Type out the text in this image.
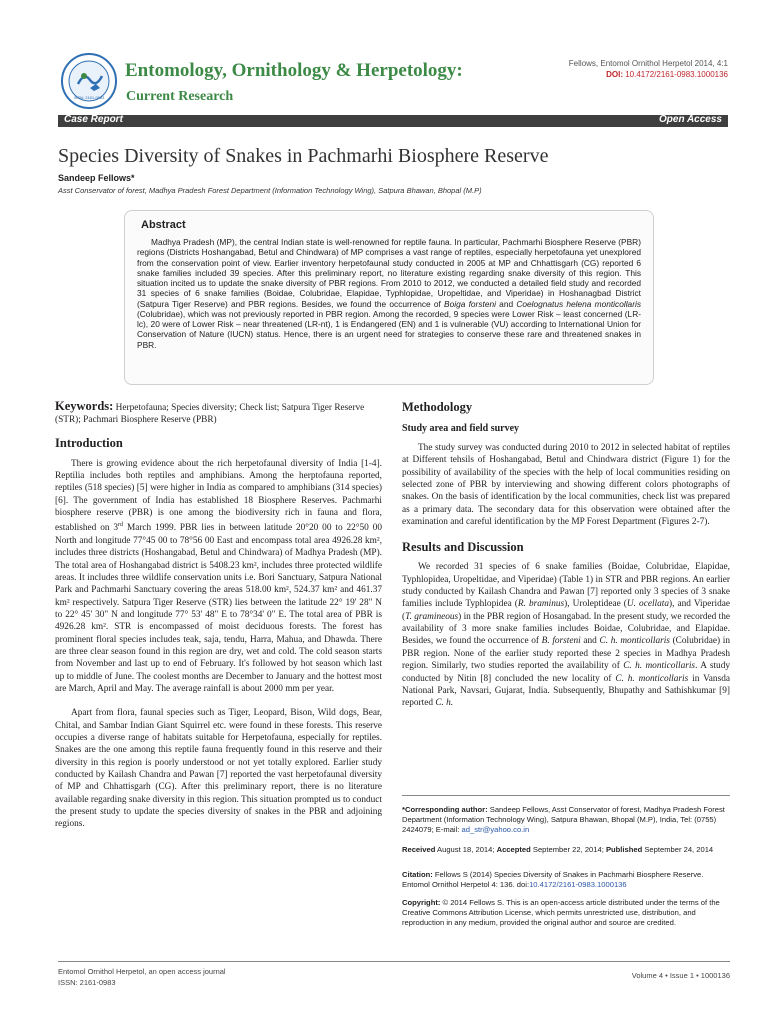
ISSN: 2161-0983
Entomology, Ornithology & Herpetology:
Current Research
Fellows, Entomol Ornithol Herpetol 2014, 4:1
DOI: 10.4172/2161-0983.1000136
Case Report	Open Access
Species Diversity of Snakes in Pachmarhi Biosphere Reserve
Sandeep Fellows*
Asst Conservator of forest, Madhya Pradesh Forest Department (Information Technology Wing), Satpura Bhawan, Bhopal (M.P)
Abstract

Madhya Pradesh (MP), the central Indian state is well-renowned for reptile fauna. In particular, Pachmarhi Biosphere Reserve (PBR) regions (Districts Hoshangabad, Betul and Chindwara) of MP comprises a vast range of reptiles, especially herpetofauna yet unexplored from the conservation point of view. Earlier inventory herpetofaunal study conducted in 2005 at MP and Chhattisgarh (CG) reported 6 snake families included 39 species. After this preliminary report, no literature existing regarding snake diversity of this region. This situation incited us to update the snake diversity of PBR regions. From 2010 to 2012, we conducted a detailed field study and recorded 31 species of 6 snake families (Boidae, Colubridae, Elapidae, Typhlopidae, Uropeltidae, and Viperidae) in Hoshanagbad District (Satpura Tiger Reserve) and PBR regions. Besides, we found the occurrence of Boiga forsteni and Coelognatus helena monticollaris (Colubridae), which was not previously reported in PBR region. Among the recorded, 9 species were Lower Risk – least concerned (LR-lc), 20 were of Lower Risk – near threatened (LR-nt), 1 is Endangered (EN) and 1 is vulnerable (VU) according to International Union for Conservation of Nature (IUCN) status. Hence, there is an urgent need for strategies to conserve these rare and threatened snakes in PBR.

Keywords: Herpetofauna; Species diversity; Check list; Satpura Tiger Reserve (STR); Pachmari Biosphere Reserve (PBR)

Introduction

There is growing evidence about the rich herpetofaunal diversity of India [1-4]. Reptilia includes both reptiles and amphibians. Among the herptofauna reported, reptiles (518 species) [5] were higher in India as compared to amphibians (314 species) [6]. The government of India has established 18 Biosphere Reserves. Pachmarhi biosphere reserve (PBR) is one among the biodiversity rich in fauna and flora, established on 3rd March 1999. PBR lies in between latitude 20°20 00 to 22°50 00 North and longitude 77°45 00 to 78°56 00 East and encompass total area 4926.28 km², includes three districts (Hoshangabad, Betul and Chindwara) of Madhya Pradesh (MP). The total area of Hoshangabad district is 5408.23 km², includes three protected wildlife areas. It includes three wildlife conservation units i.e. Bori Sanctuary, Satpura National Park and Pachmarhi Sanctuary covering the areas 518.00 km², 524.37 km² and 461.37 km² respectively. Satpura Tiger Reserve (STR) lies between the latitude 22° 19' 28" N to 22° 45' 30" N and longitude 77° 53' 48" E to 78°34' 0" E. The total area of PBR is 4926.28 km². STR is encompassed of moist deciduous forests. The forest has prominent floral species includes teak, saja, tendu, Harra, Mahua, and Dhawda. There are three clear season found in this region are dry, wet and cold. The cold season starts from November and last up to end of February. It's followed by hot season which last up to middle of June. The coolest months are December to January and the hottest most are March, April and May. The average rainfall is about 2000 mm per year.

Apart from flora, faunal species such as Tiger, Leopard, Bison, Wild dogs, Bear, Chital, and Sambar Indian Giant Squirrel etc. were found in these forests. This reserve occupies a diverse range of habitats suitable for Herpetofauna, especially for reptiles. Snakes are the one among this reptile fauna frequently found in this reserve and their diversity in this region is poorly understood or not yet totally explored. Earlier study conducted by Kailash Chandra and Pawan [7] reported the vast herpetofaunal diversity of MP and Chhattisgarh (CG). After this preliminary report, there is no literature available regarding snake diversity in this region. This situation prompted us to conduct the present study to update the species diversity of snakes in the PBR and adjoining regions.

Methodology
Study area and field survey

The study survey was conducted during 2010 to 2012 in selected habitat of reptiles at Different tehsils of Hoshangabad, Betul and Chindwara district (Figure 1) for the possibility of availability of the species with the help of local communities residing on selected zone of PBR by interviewing and showing different colors photographs of snakes. On the basis of identification by the local communities, check list was prepared as a primary data. The secondary data for this observation were obtained after the examination and careful identification by the MP Forest Department (Figures 2-7).

Results and Discussion

We recorded 31 species of 6 snake families (Boidae, Colubridae, Elapidae, Typhlopidea, Uropeltidae, and Viperidae) (Table 1) in STR and PBR regions. An earlier study conducted by Kailash Chandra and Pawan [7] reported only 3 species of 3 snake families include Typhlopidea (R. braminus), Uroleptideae (U. ocellata), and Viperidae (T. gramineous) in the PBR region of Hosangabad. In the present study, we recorded the availability of 3 more snake families includes Boidae, Colubridae, and Elapidae. Besides, we found the occurrence of B. forsteni and C. h. monticollaris (Colubridae) in PBR region. None of the earlier study reported these 2 species in Madhya Pradesh region. Similarly, two studies reported the availability of C. h. monticollaris. A study conducted by Nitin [8] concluded the new locality of C. h. monticollaris in Vansda National Park, Navsari, Gujarat, India. Subsequently, Bhupathy and Sathishkumar [9] reported C. h.

*Corresponding author: Sandeep Fellows, Asst Conservator of forest, Madhya Pradesh Forest Department (Information Technology Wing), Satpura Bhawan, Bhopal (M.P), India, Tel: (0755) 2424079; E-mail: ad_str@yahoo.co.in

Received August 18, 2014; Accepted September 22, 2014; Published September 24, 2014

Citation: Fellows S (2014) Species Diversity of Snakes in Pachmarhi Biosphere Reserve. Entomol Ornithol Herpetol 4: 136. doi:10.4172/2161-0983.1000136

Copyright: © 2014 Fellows S. This is an open-access article distributed under the terms of the Creative Commons Attribution License, which permits unrestricted use, distribution, and reproduction in any medium, provided the original author and source are credited.

Entomol Ornithol Herpetol, an open access journal
ISSN: 2161-0983
Volume 4 • Issue 1 • 1000136
